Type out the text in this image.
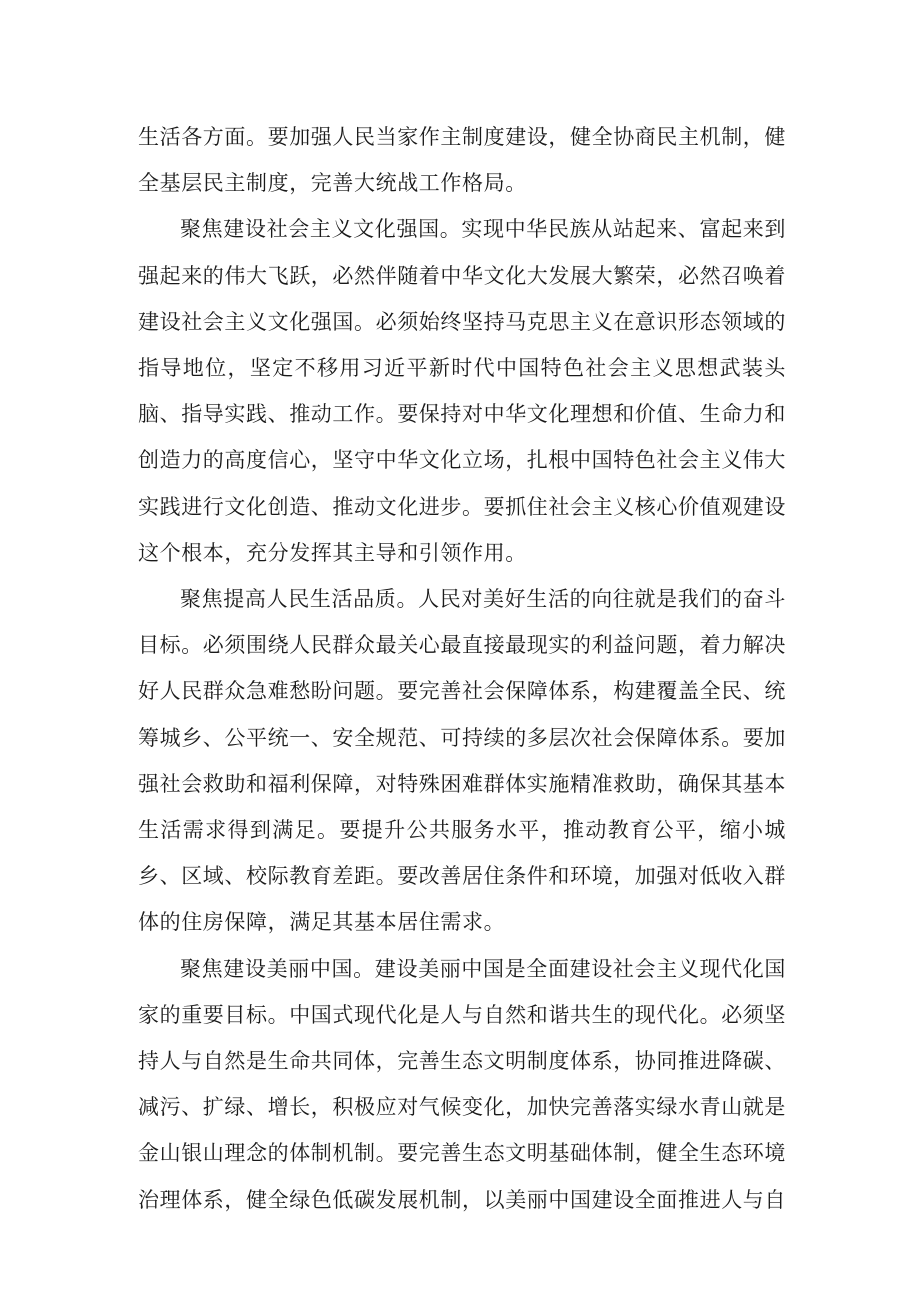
生活各方面。要加强人民当家作主制度建设，健全协商民主机制，健全基层民主制度，完善大统战工作格局。

聚焦建设社会主义文化强国。实现中华民族从站起来、富起来到强起来的伟大飞跃，必然伴随着中华文化大发展大繁荣，必然召唤着建设社会主义文化强国。必须始终坚持马克思主义在意识形态领域的指导地位，坚定不移用习近平新时代中国特色社会主义思想武装头脑、指导实践、推动工作。要保持对中华文化理想和价值、生命力和创造力的高度信心，坚守中华文化立场，扎根中国特色社会主义伟大实践进行文化创造、推动文化进步。要抓住社会主义核心价值观建设这个根本，充分发挥其主导和引领作用。

聚焦提高人民生活品质。人民对美好生活的向往就是我们的奋斗目标。必须围绕人民群众最关心最直接最现实的利益问题，着力解决好人民群众急难愁盼问题。要完善社会保障体系，构建覆盖全民、统筹城乡、公平统一、安全规范、可持续的多层次社会保障体系。要加强社会救助和福利保障，对特殊困难群体实施精准救助，确保其基本生活需求得到满足。要提升公共服务水平，推动教育公平，缩小城乡、区域、校际教育差距。要改善居住条件和环境，加强对低收入群体的住房保障，满足其基本居住需求。

聚焦建设美丽中国。建设美丽中国是全面建设社会主义现代化国家的重要目标。中国式现代化是人与自然和谐共生的现代化。必须坚持人与自然是生命共同体，完善生态文明制度体系，协同推进降碳、减污、扩绿、增长，积极应对气候变化，加快完善落实绿水青山就是金山银山理念的体制机制。要完善生态文明基础体制，健全生态环境治理体系，健全绿色低碳发展机制，以美丽中国建设全面推进人与自
